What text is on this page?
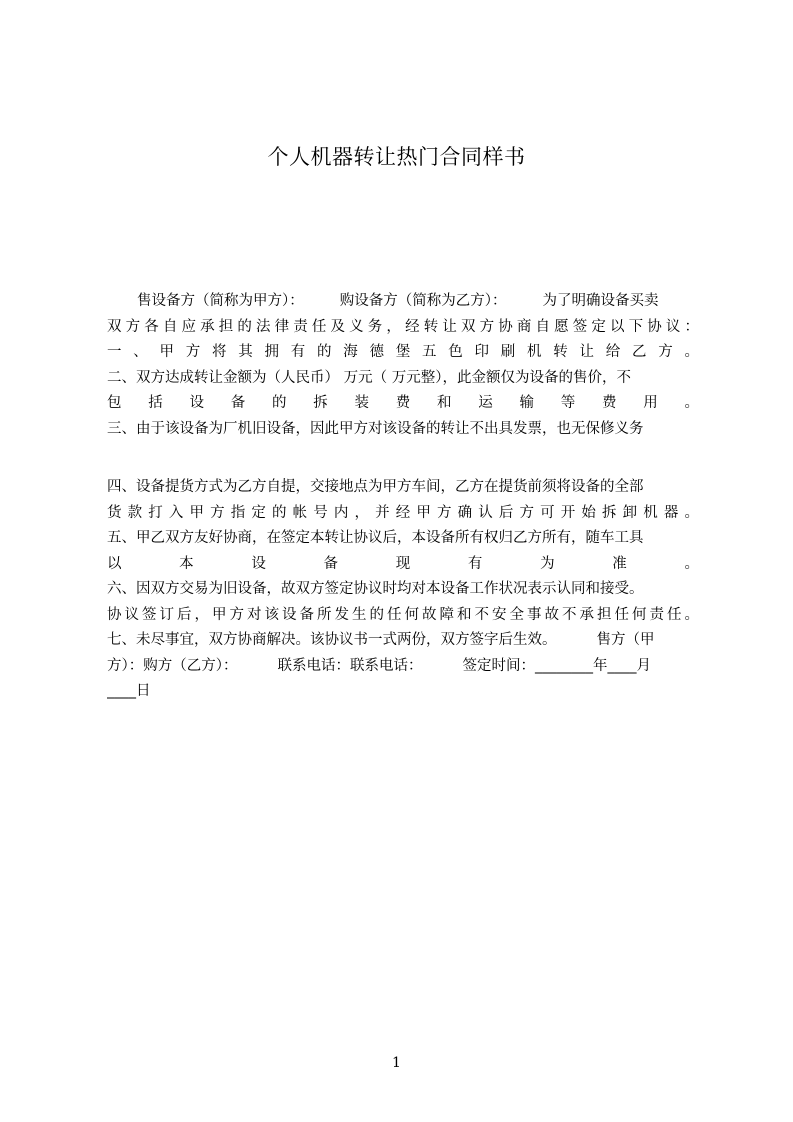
个人机器转让热门合同样书
售设备方（简称为甲方）： 购设备方（简称为乙方）： 为了明确设备买卖
双方各自应承担的法律责任及义务，经转让双方协商自愿签定以下协议：
一、甲方将其拥有的海德堡五色印刷机转让给乙方。
二、双方达成转让金额为（人民币） 万元（ 万元整），此金额仅为设备的售价，不
包括设备的拆装费和运输等费用。
三、由于该设备为厂机旧设备，因此甲方对该设备的转让不出具发票，也无保修义务
四、设备提货方式为乙方自提，交接地点为甲方车间，乙方在提货前须将设备的全部
货款打入甲方指定的帐号内，并经甲方确认后方可开始拆卸机器。
五、甲乙双方友好协商，在签定本转让协议后，本设备所有权归乙方所有，随车工具
以本设备现有为准。
六、因双方交易为旧设备，故双方签定协议时均对本设备工作状况表示认同和接受。
协议签订后，甲方对该设备所发生的任何故障和不安全事故不承担任何责任。
七、未尽事宜，双方协商解决。该协议书一式两份，双方签字后生效。	售方（甲
方）：购方（乙方）：	联系电话：联系电话：	签定时间：________年____月
____日
1
